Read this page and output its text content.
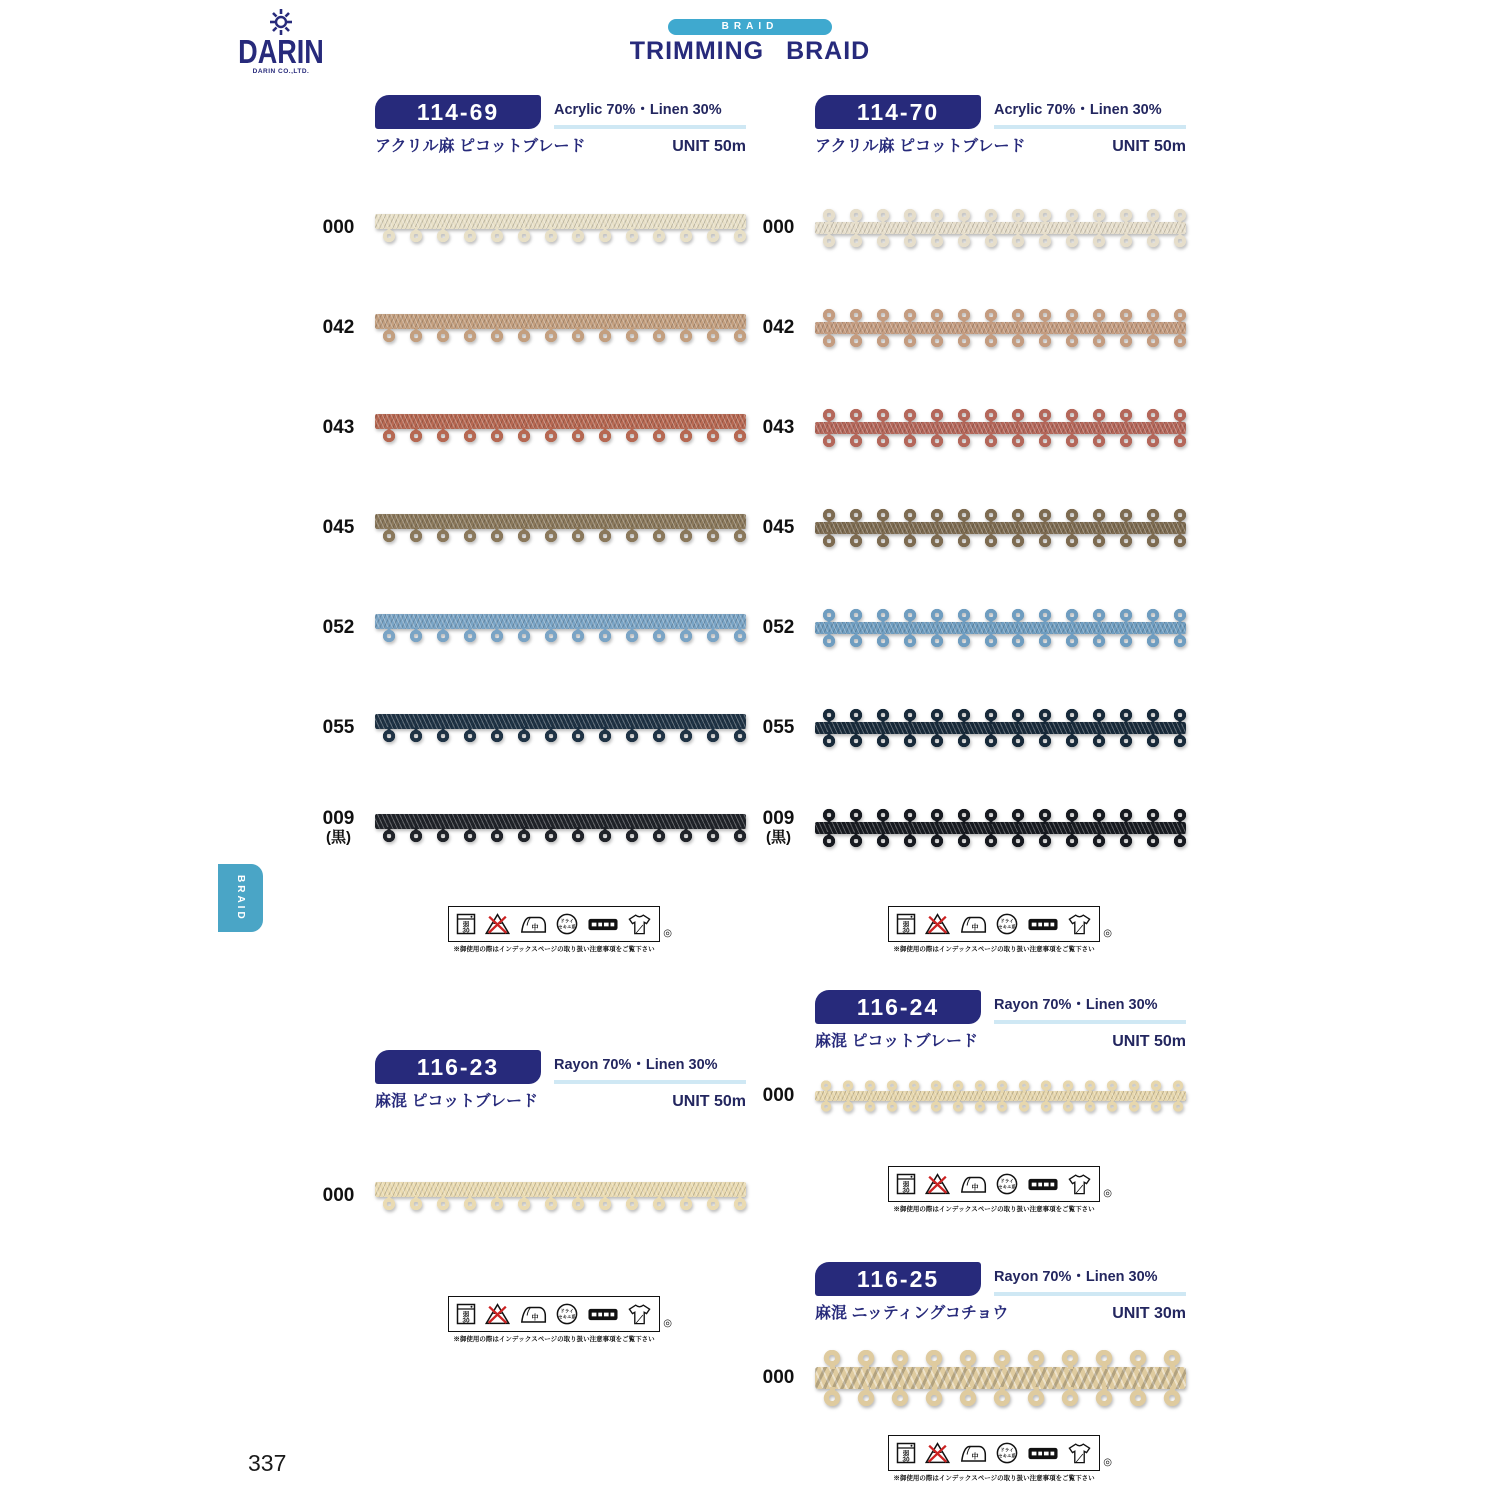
DARIN
DARIN CO.,LTD.
BRAID
TRIMMING BRAID
BRAID
337
114-69	Acrylic 70%・Linen 30%
アクリル麻 ピコットブレード	UNIT 50m
000
042
043
045
052
055
009
(黒)
◎
※御使用の際はインデックスページの取り扱い注意事項をご覧下さい
114-70	Acrylic 70%・Linen 30%
アクリル麻 ピコットブレード	UNIT 50m
000
042
043
045
052
055
009
(黒)
◎
※御使用の際はインデックスページの取り扱い注意事項をご覧下さい
116-23	Rayon 70%・Linen 30%
麻混 ピコットブレード	UNIT 50m
000
◎
※御使用の際はインデックスページの取り扱い注意事項をご覧下さい
116-24	Rayon 70%・Linen 30%
麻混 ピコットブレード	UNIT 50m
000
◎
※御使用の際はインデックスページの取り扱い注意事項をご覧下さい
116-25	Rayon 70%・Linen 30%
麻混 ニッティングコチョウ	UNIT 30m
000
◎
※御使用の際はインデックスページの取り扱い注意事項をご覧下さい
